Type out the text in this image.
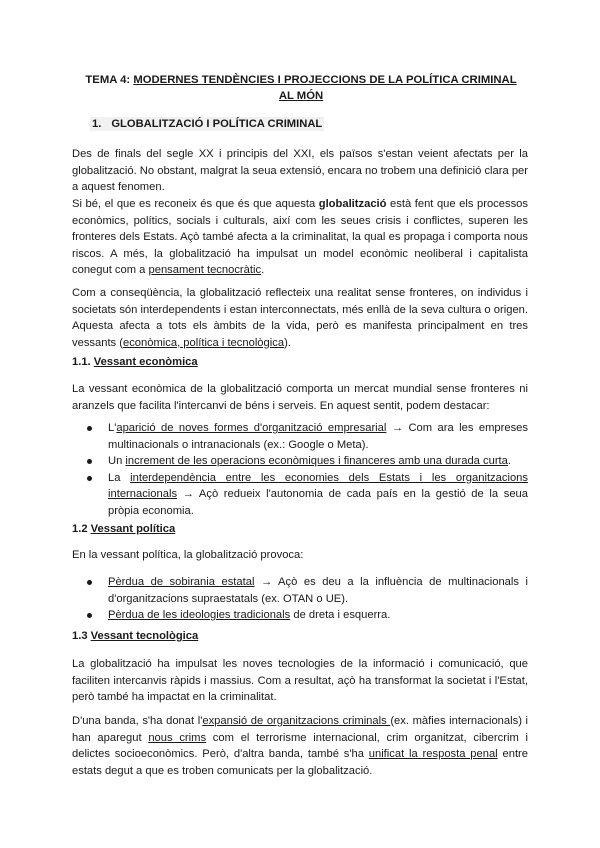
TEMA 4: MODERNES TENDÈNCIES I PROJECCIONS DE LA POLÍTICA CRIMINAL AL MÓN
1. GLOBALITZACIÓ I POLÍTICA CRIMINAL

Des de finals del segle XX i principis del XXI, els països s'estan veient afectats per la globalització. No obstant, malgrat la seua extensió, encara no trobem una definició clara per a aquest fenomen.

Si bé, el que es reconeix és que és que aquesta globalització està fent que els processos econòmics, polítics, socials i culturals, així com les seues crisis i conflictes, superen les fronteres dels Estats. Açò també afecta a la criminalitat, la qual es propaga i comporta nous riscos. A més, la globalització ha impulsat un model econòmic neoliberal i capitalista conegut com a pensament tecnocràtic.

Com a conseqüència, la globalització reflecteix una realitat sense fronteres, on individus i societats són interdependents i estan interconnectats, més enllà de la seva cultura o origen. Aquesta afecta a tots els àmbits de la vida, però es manifesta principalment en tres vessants (econòmica, política i tecnològica).

1.1. Vessant econòmica

La vessant econòmica de la globalització comporta un mercat mundial sense fronteres ni aranzels que facilita l'intercanvi de béns i serveis. En aquest sentit, podem destacar:

L'aparició de noves formes d'organització empresarial → Com ara les empreses multinacionals o intranacionals (ex.: Google o Meta).
Un increment de les operacions econòmiques i financeres amb una durada curta.
La interdependència entre les economies dels Estats i les organitzacions internacionals → Açò redueix l'autonomia de cada país en la gestió de la seua pròpia economia.
1.2 Vessant política

En la vessant política, la globalització provoca:

Pèrdua de sobirania estatal → Açò es deu a la influència de multinacionals i d'organitzacions supraestatals (ex. OTAN o UE).
Pèrdua de les ideologies tradicionals de dreta i esquerra.
1.3 Vessant tecnològica

La globalització ha impulsat les noves tecnologies de la informació i comunicació, que faciliten intercanvis ràpids i massius. Com a resultat, açò ha transformat la societat i l'Estat, però també ha impactat en la criminalitat.

D'una banda, s'ha donat l'expansió de organitzacions criminals (ex. màfies internacionals) i han aparegut nous crims com el terrorisme internacional, crim organitzat, cibercrim i delictes socioeconòmics. Però, d'altra banda, també s'ha unificat la resposta penal entre estats degut a que es troben comunicats per la globalització.
